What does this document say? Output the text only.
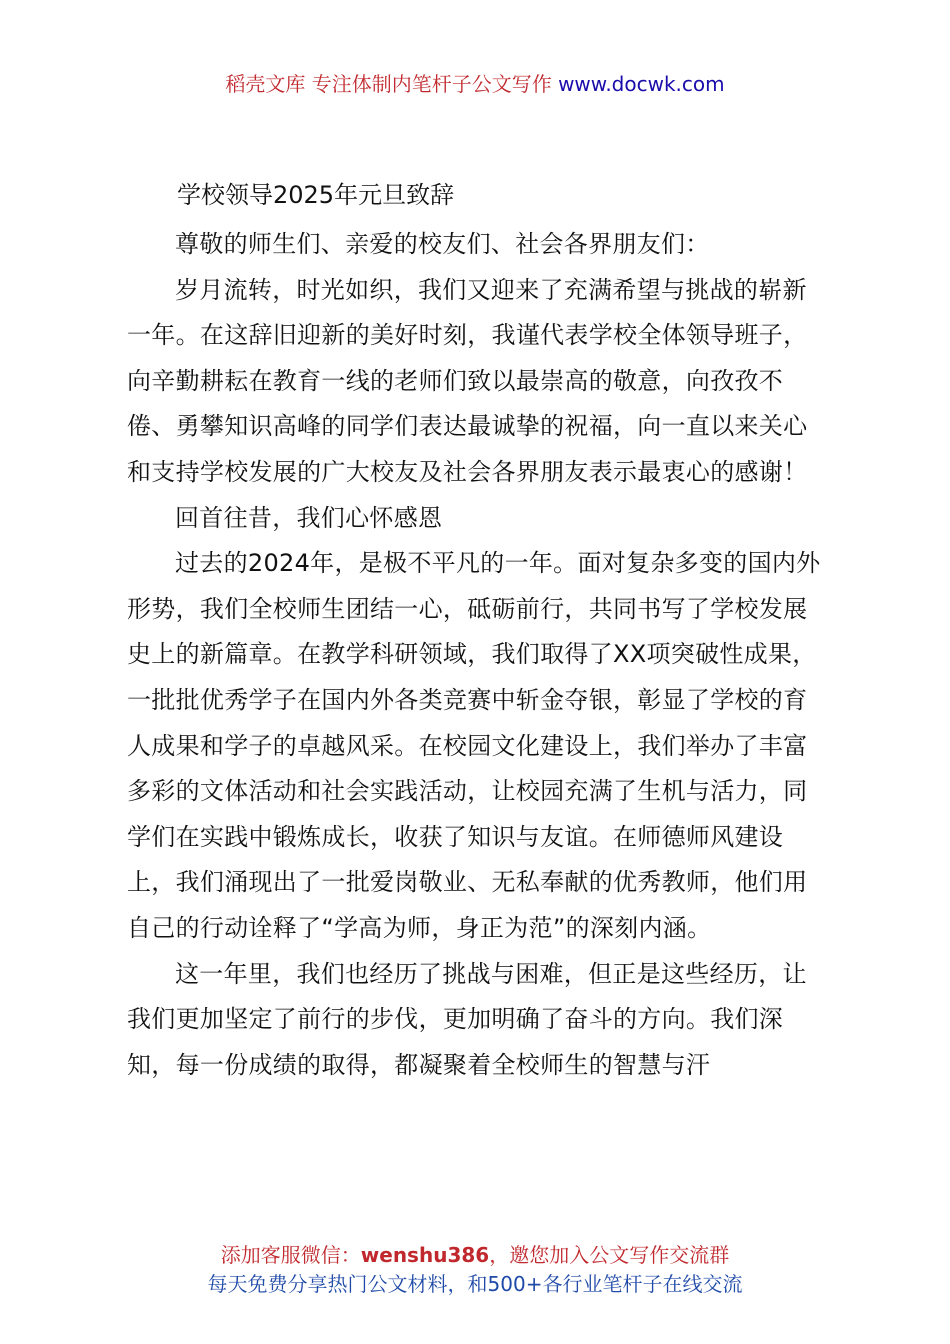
稻壳文库 专注体制内笔杆子公文写作 www.docwk.com
学校领导2025年元旦致辞

尊敬的师生们、亲爱的校友们、社会各界朋友们：

岁月流转，时光如织，我们又迎来了充满希望与挑战的崭新一年。在这辞旧迎新的美好时刻，我谨代表学校全体领导班子，向辛勤耕耘在教育一线的老师们致以最崇高的敬意，向孜孜不倦、勇攀知识高峰的同学们表达最诚挚的祝福，向一直以来关心和支持学校发展的广大校友及社会各界朋友表示最衷心的感谢！

回首往昔，我们心怀感恩

过去的2024年，是极不平凡的一年。面对复杂多变的国内外形势，我们全校师生团结一心，砥砺前行，共同书写了学校发展史上的新篇章。在教学科研领域，我们取得了XX项突破性成果，一批批优秀学子在国内外各类竞赛中斩金夺银，彰显了学校的育人成果和学子的卓越风采。在校园文化建设上，我们举办了丰富多彩的文体活动和社会实践活动，让校园充满了生机与活力，同学们在实践中锻炼成长，收获了知识与友谊。在师德师风建设上，我们涌现出了一批爱岗敬业、无私奉献的优秀教师，他们用自己的行动诠释了“学高为师，身正为范”的深刻内涵。

这一年里，我们也经历了挑战与困难，但正是这些经历，让我们更加坚定了前行的步伐，更加明确了奋斗的方向。我们深知，每一份成绩的取得，都凝聚着全校师生的智慧与汗

添加客服微信：wenshu386，邀您加入公文写作交流群
每天免费分享热门公文材料，和500+各行业笔杆子在线交流
